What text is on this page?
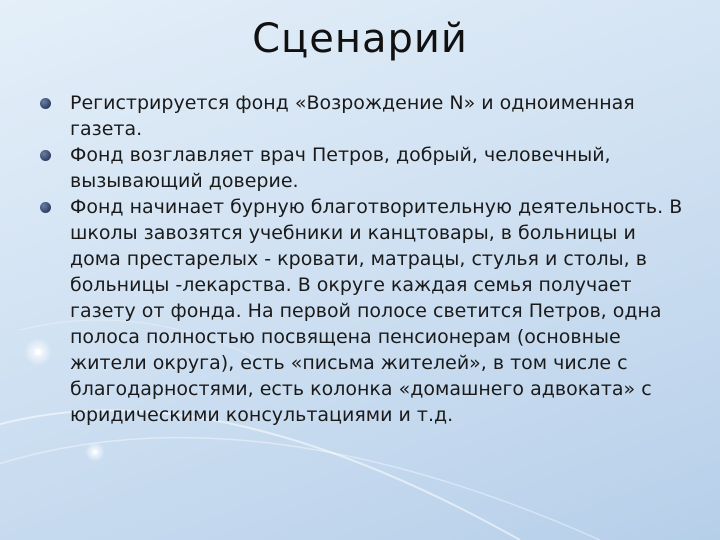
Сценарий
Регистрируется фонд «Возрождение N» и одноименная газета.
Фонд возглавляет врач Петров, добрый, человечный, вызывающий доверие.
Фонд начинает бурную благотворительную деятельность. В школы завозятся учебники и канцтовары, в больницы и дома престарелых - кровати, матрацы, стулья и столы, в больницы -лекарства. В округе каждая семья получает газету от фонда. На первой полосе светится Петров, одна полоса полностью посвящена пенсионерам (основные жители округа), есть «письма жителей», в том числе с благодарностями, есть колонка «домашнего адвоката» с юридическими консультациями и т.д.
